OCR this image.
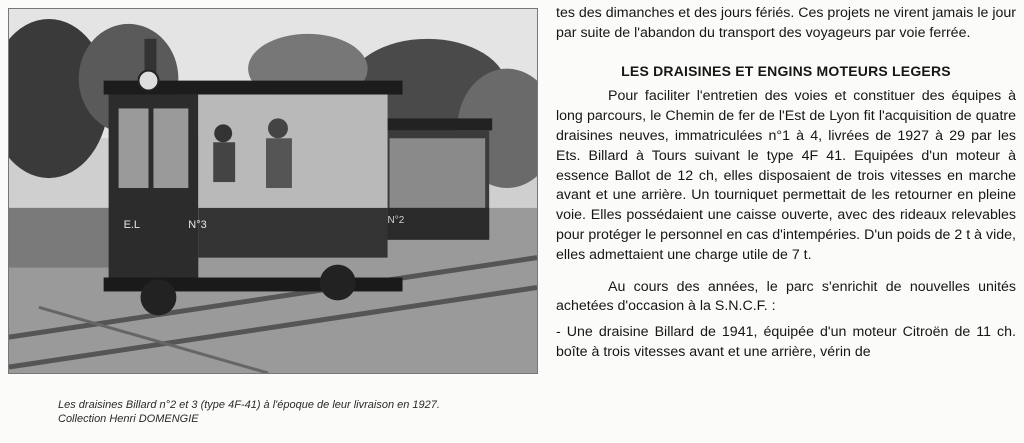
E.L	N°3	N°2
Les draisines Billard n°2 et 3 (type 4F-41) à l'époque de leur livraison en 1927.
Collection Henri DOMENGIE

tes des dimanches et des jours fériés. Ces projets ne virent jamais le jour par suite de l'abandon du transport des voyageurs par voie ferrée.

LES DRAISINES ET ENGINS MOTEURS LEGERS

Pour faciliter l'entretien des voies et constituer des équipes à long parcours, le Chemin de fer de l'Est de Lyon fit l'acquisition de quatre draisines neuves, immatriculées n°1 à 4, livrées de 1927 à 29 par les Ets. Billard à Tours suivant le type 4F 41. Equipées d'un moteur à essence Ballot de 12 ch, elles disposaient de trois vitesses en marche avant et une arrière. Un tourniquet permettait de les retourner en pleine voie. Elles possédaient une caisse ouverte, avec des rideaux relevables pour protéger le personnel en cas d'intempéries. D'un poids de 2 t à vide, elles admettaient une charge utile de 7 t.

Au cours des années, le parc s'enrichit de nouvelles unités achetées d'occasion à la S.N.C.F. :

- Une draisine Billard de 1941, équipée d'un moteur Citroën de 11 ch. boîte à trois vitesses avant et une arrière, vérin de
